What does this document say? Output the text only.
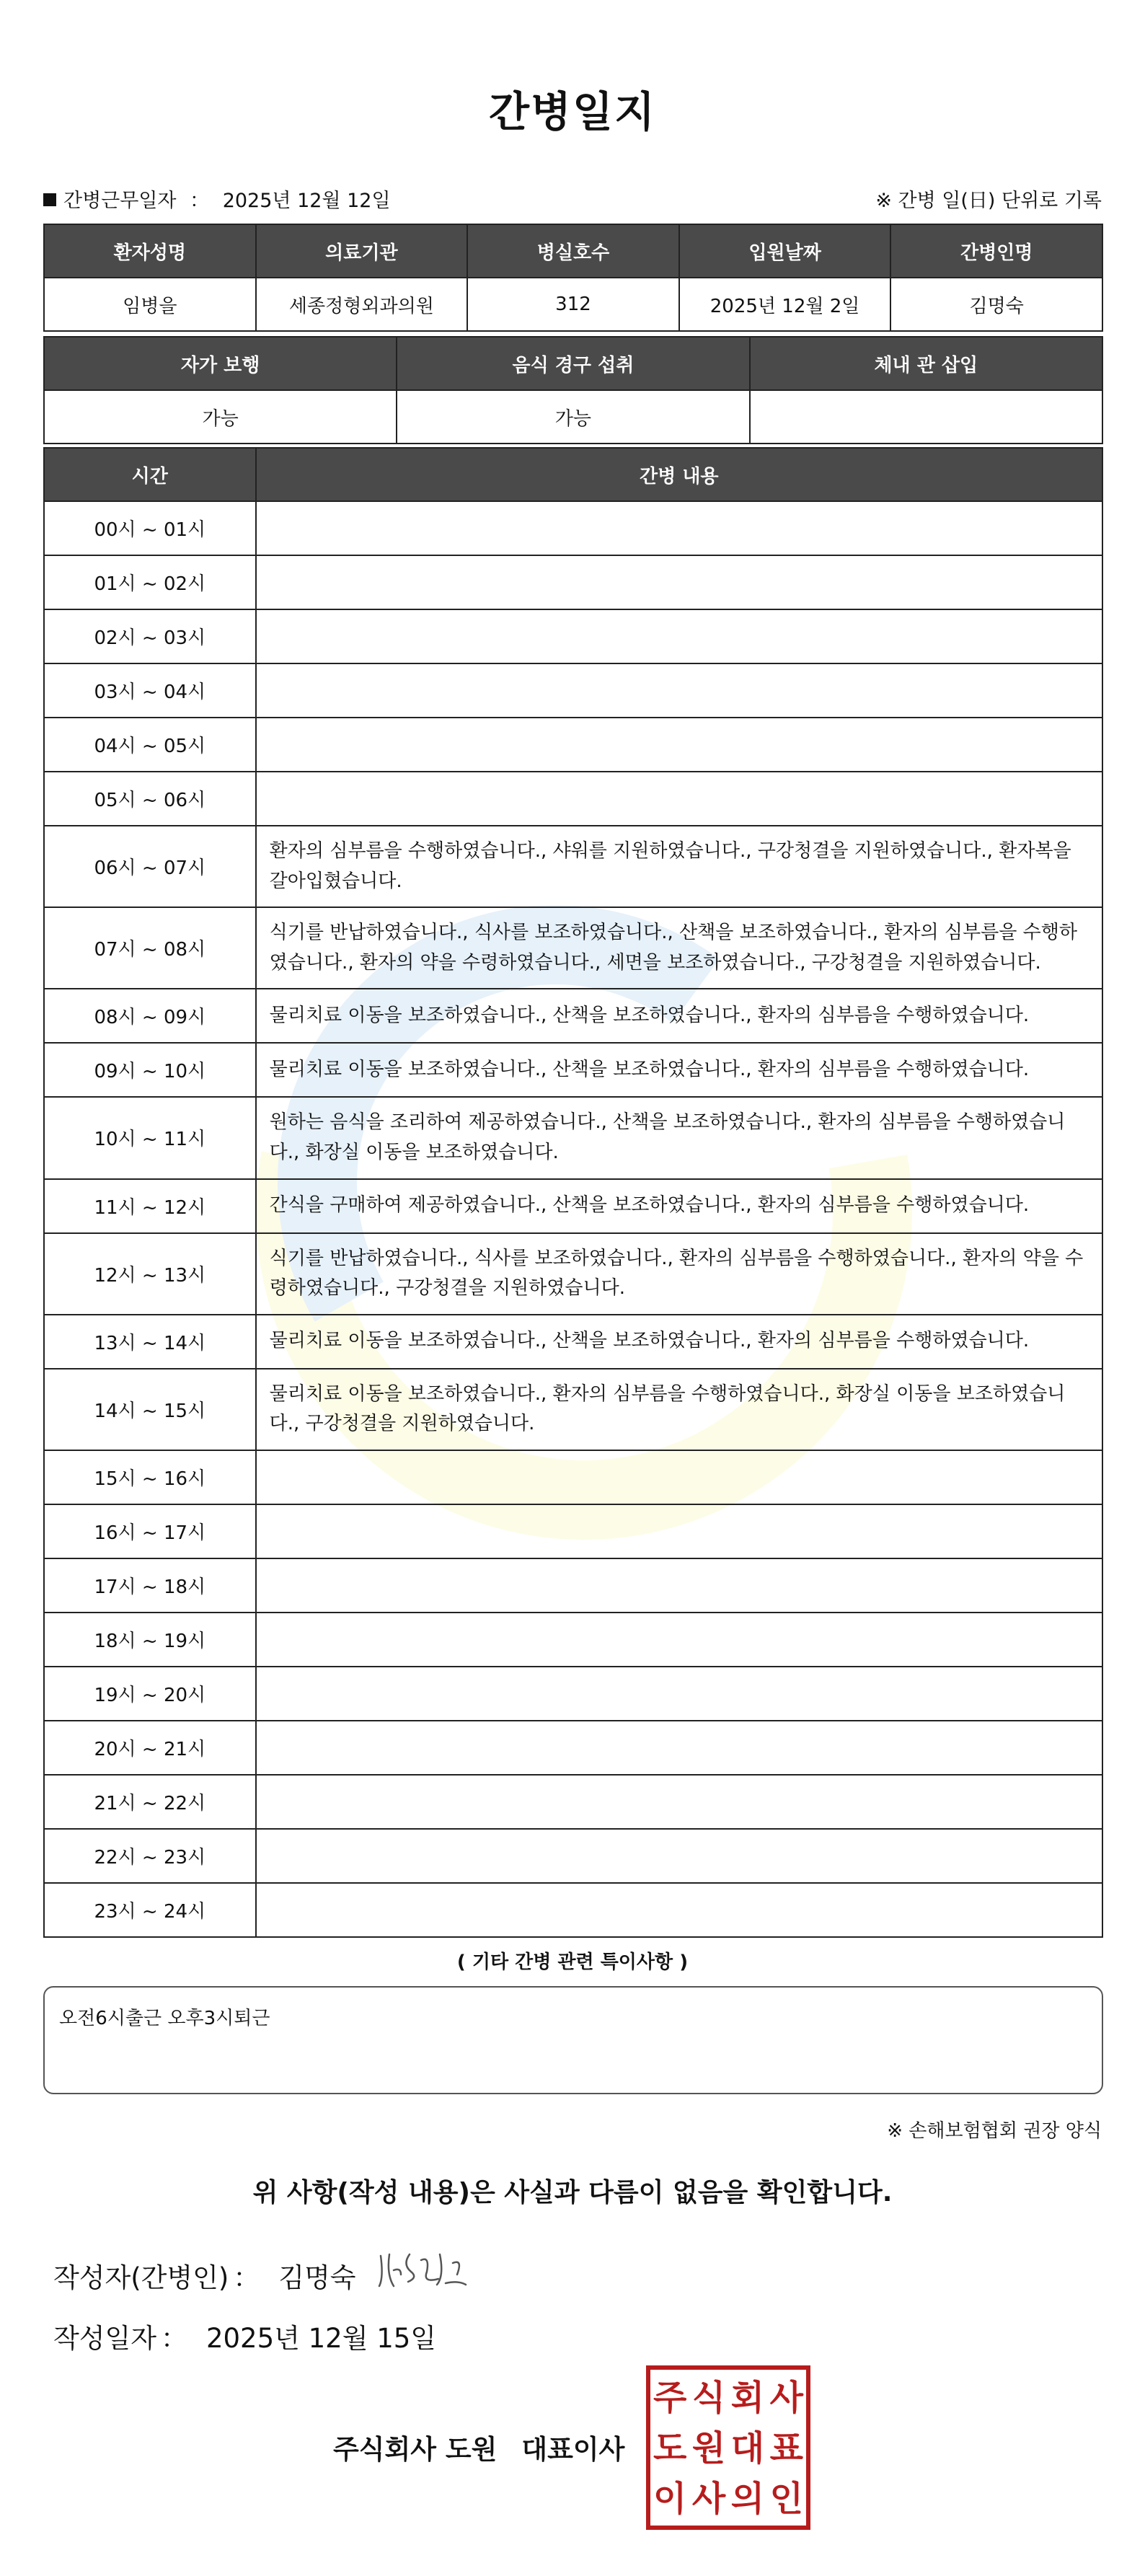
간병일지
간병근무일자 ： 2025년 12월 12일	※ 간병 일(日) 단위로 기록
환자성명	의료기관	병실호수	입원날짜	간병인명
임병을	세종정형외과의원	312	2025년 12월 2일	김명숙
자가 보행	음식 경구 섭취	체내 관 삽입
가능	가능	
시간	간병 내용
00시 ~ 01시	
01시 ~ 02시	
02시 ~ 03시	
03시 ~ 04시	
04시 ~ 05시	
05시 ~ 06시	
06시 ~ 07시	환자의 심부름을 수행하였습니다., 샤워를 지원하였습니다., 구강청결을 지원하였습니다., 환자복을 갈아입혔습니다.
07시 ~ 08시	식기를 반납하였습니다., 식사를 보조하였습니다., 산책을 보조하였습니다., 환자의 심부름을 수행하였습니다., 환자의 약을 수령하였습니다., 세면을 보조하였습니다., 구강청결을 지원하였습니다.
08시 ~ 09시	물리치료 이동을 보조하였습니다., 산책을 보조하였습니다., 환자의 심부름을 수행하였습니다.
09시 ~ 10시	물리치료 이동을 보조하였습니다., 산책을 보조하였습니다., 환자의 심부름을 수행하였습니다.
10시 ~ 11시	원하는 음식을 조리하여 제공하였습니다., 산책을 보조하였습니다., 환자의 심부름을 수행하였습니다., 화장실 이동을 보조하였습니다.
11시 ~ 12시	간식을 구매하여 제공하였습니다., 산책을 보조하였습니다., 환자의 심부름을 수행하였습니다.
12시 ~ 13시	식기를 반납하였습니다., 식사를 보조하였습니다., 환자의 심부름을 수행하였습니다., 환자의 약을 수령하였습니다., 구강청결을 지원하였습니다.
13시 ~ 14시	물리치료 이동을 보조하였습니다., 산책을 보조하였습니다., 환자의 심부름을 수행하였습니다.
14시 ~ 15시	물리치료 이동을 보조하였습니다., 환자의 심부름을 수행하였습니다., 화장실 이동을 보조하였습니다., 구강청결을 지원하였습니다.
15시 ~ 16시	
16시 ~ 17시	
17시 ~ 18시	
18시 ~ 19시	
19시 ~ 20시	
20시 ~ 21시	
21시 ~ 22시	
22시 ~ 23시	
23시 ~ 24시	
( 기타 간병 관련 특이사항 )
오전6시출근 오후3시퇴근
※ 손해보험협회 권장 양식
위 사항(작성 내용)은 사실과 다름이 없음을 확인합니다.
작성자(간병인) ： 김명숙
작성일자 ： 2025년 12월 15일
주식회사 도원 대표이사
주 식 회 사
도 원 대 표
이 사 의 인
